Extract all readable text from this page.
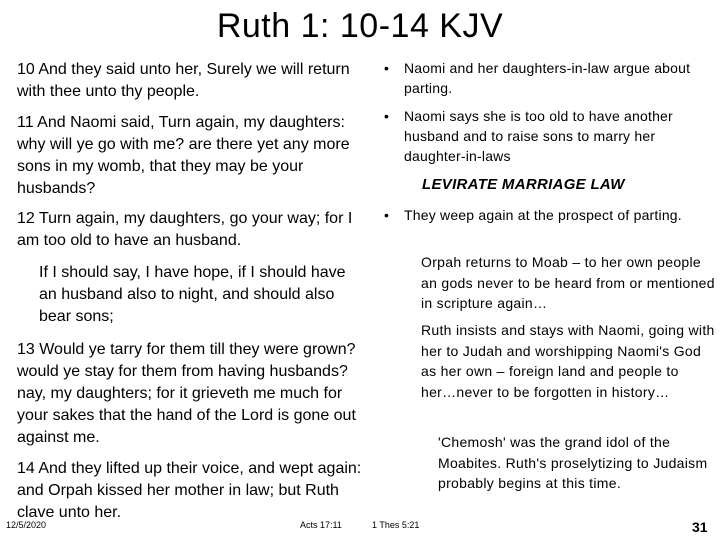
Ruth 1: 10-14 KJV
10 And they said unto her, Surely we will return with thee unto thy people.
11 And Naomi said, Turn again, my daughters: why will ye go with me? are there yet any more sons in my womb, that they may be your husbands?
12 Turn again, my daughters, go your way; for I am too old to have an husband.
If I should say, I have hope, if I should have an husband also to night, and should also bear sons;
13 Would ye tarry for them till they were grown? would ye stay for them from having husbands? nay, my daughters; for it grieveth me much for your sakes that the hand of the Lord is gone out against me.
14 And they lifted up their voice, and wept again: and Orpah kissed her mother in law; but Ruth clave unto her.
•	Naomi and her daughters-in-law argue about parting.
•	Naomi says she is too old to have another husband and to raise sons to marry her daughter-in-laws
LEVIRATE MARRIAGE LAW
•	They weep again at the prospect of parting.
Orpah returns to Moab – to her own people an gods never to be heard from or mentioned in scripture again…
Ruth insists and stays with Naomi, going with her to Judah and worshipping Naomi's God as her own – foreign land and people to her…never to be forgotten in history…
'Chemosh' was the grand idol of the Moabites. Ruth's proselytizing to Judaism probably begins at this time.
12/5/2020	Acts 17:11	1 Thes 5:21	31
